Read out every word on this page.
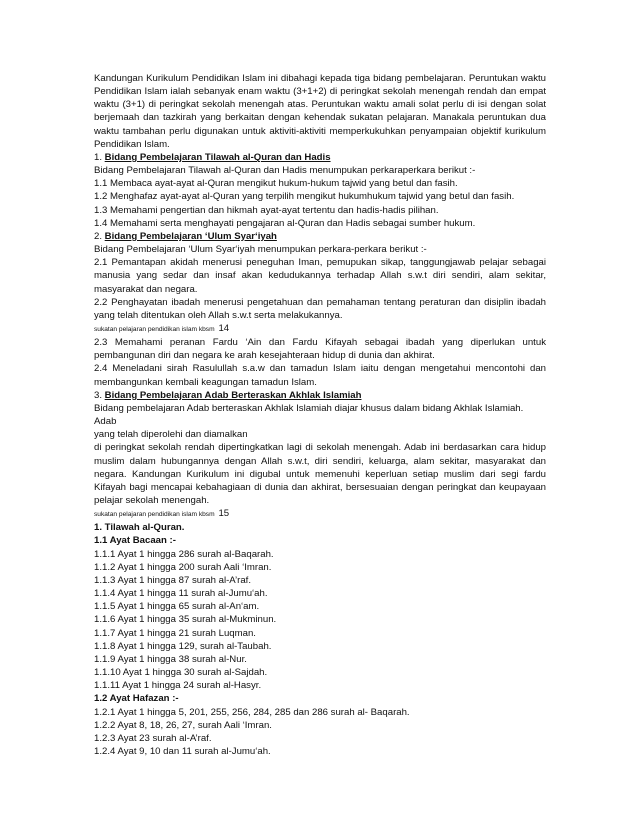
Kandungan Kurikulum Pendidikan Islam ini dibahagi kepada tiga bidang pembelajaran. Peruntukan waktu Pendidikan Islam ialah sebanyak enam waktu (3+1+2) di peringkat sekolah menengah rendah dan empat waktu (3+1) di peringkat sekolah menengah atas. Peruntukan waktu amali solat perlu di isi dengan solat berjemaah dan tazkirah yang berkaitan dengan kehendak sukatan pelajaran. Manakala peruntukan dua waktu tambahan perlu digunakan untuk aktiviti-aktiviti memperkukuhkan penyampaian objektif kurikulum Pendidikan Islam.

1. Bidang Pembelajaran Tilawah al-Quran dan Hadis

Bidang Pembelajaran Tilawah al-Quran dan Hadis menumpukan perkaraperkara berikut :-

1.1 Membaca ayat-ayat al-Quran mengikut hukum-hukum tajwid yang betul dan fasih.

1.2 Menghafaz ayat-ayat al-Quran yang terpilih mengikut hukumhukum tajwid yang betul dan fasih.

1.3 Memahami pengertian dan hikmah ayat-ayat tertentu dan hadis-hadis pilihan.

1.4 Memahami serta menghayati pengajaran al-Quran dan Hadis sebagai sumber hukum.

2. Bidang Pembelajaran ‘Ulum Syar‘iyah

Bidang Pembelajaran ‘Ulum Syar‘iyah menumpukan perkara-perkara berikut :-

2.1 Pemantapan akidah menerusi peneguhan Iman, pemupukan sikap, tanggungjawab pelajar sebagai manusia yang sedar dan insaf akan kedudukannya terhadap Allah s.w.t diri sendiri, alam sekitar, masyarakat dan negara.

2.2 Penghayatan ibadah menerusi pengetahuan dan pemahaman tentang peraturan dan disiplin ibadah yang telah ditentukan oleh Allah s.w.t serta melakukannya.

sukatan pelajaran pendidikan islam kbsm 14

2.3 Memahami peranan Fardu ‘Ain dan Fardu Kifayah sebagai ibadah yang diperlukan untuk pembangunan diri dan negara ke arah kesejahteraan hidup di dunia dan akhirat.

2.4 Meneladani sirah Rasulullah s.a.w dan tamadun Islam iaitu dengan mengetahui mencontohi dan membangunkan kembali keagungan tamadun Islam.

3. Bidang Pembelajaran Adab Berteraskan Akhlak Islamiah

Bidang pembelajaran Adab berteraskan Akhlak Islamiah diajar khusus dalam bidang Akhlak Islamiah. Adab

yang telah diperolehi dan diamalkan

di peringkat sekolah rendah dipertingkatkan lagi di sekolah menengah. Adab ini berdasarkan cara hidup muslim dalam hubungannya dengan Allah s.w.t, diri sendiri, keluarga, alam sekitar, masyarakat dan negara. Kandungan Kurikulum ini digubal untuk memenuhi keperluan setiap muslim dari segi fardu Kifayah bagi mencapai kebahagiaan di dunia dan akhirat, bersesuaian dengan peringkat dan keupayaan pelajar sekolah menengah.

sukatan pelajaran pendidikan islam kbsm 15

1. Tilawah al-Quran.

1.1 Ayat Bacaan :-

1.1.1 Ayat 1 hingga 286 surah al-Baqarah.

1.1.2 Ayat 1 hingga 200 surah Aali ‘Imran.

1.1.3 Ayat 1 hingga 87 surah al-A’raf.

1.1.4 Ayat 1 hingga 11 surah al-Jumu‘ah.

1.1.5 Ayat 1 hingga 65 surah al-An‘am.

1.1.6 Ayat 1 hingga 35 surah al-Mukminun.

1.1.7 Ayat 1 hingga 21 surah Luqman.

1.1.8 Ayat 1 hingga 129, surah al-Taubah.

1.1.9 Ayat 1 hingga 38 surah al-Nur.

1.1.10 Ayat 1 hingga 30 surah al-Sajdah.

1.1.11 Ayat 1 hingga 24 surah al-Hasyr.

1.2 Ayat Hafazan :-

1.2.1 Ayat 1 hingga 5, 201, 255, 256, 284, 285 dan 286 surah al- Baqarah.

1.2.2 Ayat 8, 18, 26, 27, surah Aali ‘Imran.

1.2.3 Ayat 23 surah al-A’raf.

1.2.4 Ayat 9, 10 dan 11 surah al-Jumu‘ah.
